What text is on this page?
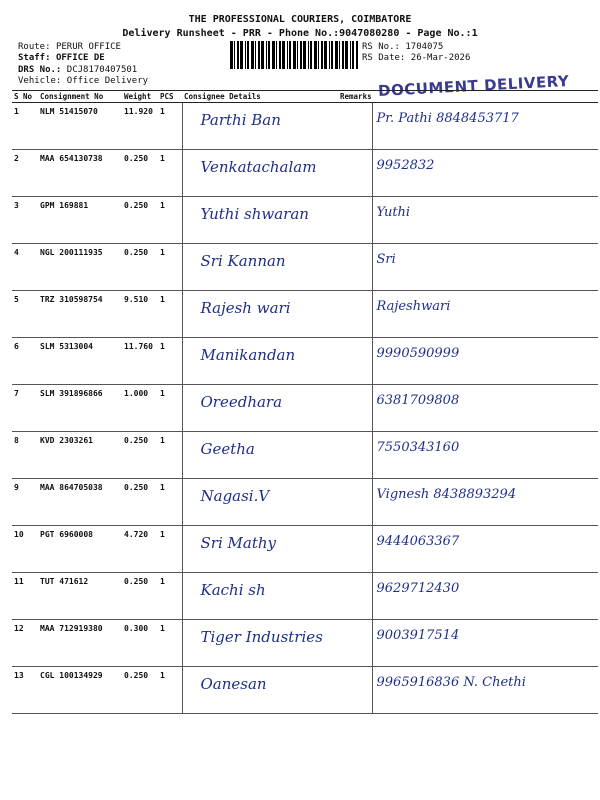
THE PROFESSIONAL COURIERS, COIMBATORE
Delivery Runsheet - PRR - Phone No.:9047080280 - Page No.:1
Route: PERUR OFFICE
Staff: OFFICE DE
DRS No.: DCJ8170407501
Vehicle: Office Delivery
RS No.: 1704075
RS Date: 26-Mar-2026
DOCUMENT DELIVERY
S No	Consignment No	Weight	PCS	Consignee Details	Remarks	
1	NLM 51415070	11.920	1	Parthi Ban		Pr. Pathi 8848453717
2	MAA 654130738	0.250	1	Venkatachalam		9952832
3	GPM 169881	0.250	1	Yuthi shwaran		Yuthi
4	NGL 200111935	0.250	1	Sri Kannan		Sri
5	TRZ 310598754	9.510	1	Rajesh wari		Rajeshwari
6	SLM 5313004	11.760	1	Manikandan		9990590999
7	SLM 391896866	1.000	1	Oreedhara		6381709808
8	KVD 2303261	0.250	1	Geetha		7550343160
9	MAA 864705038	0.250	1	Nagasi.V		Vignesh 8438893294
10	PGT 6960008	4.720	1	Sri Mathy		9444063367
11	TUT 471612	0.250	1	Kachi sh		9629712430
12	MAA 712919380	0.300	1	Tiger Industries		9003917514
13	CGL 100134929	0.250	1	Oanesan		9965916836 N. Chethi
